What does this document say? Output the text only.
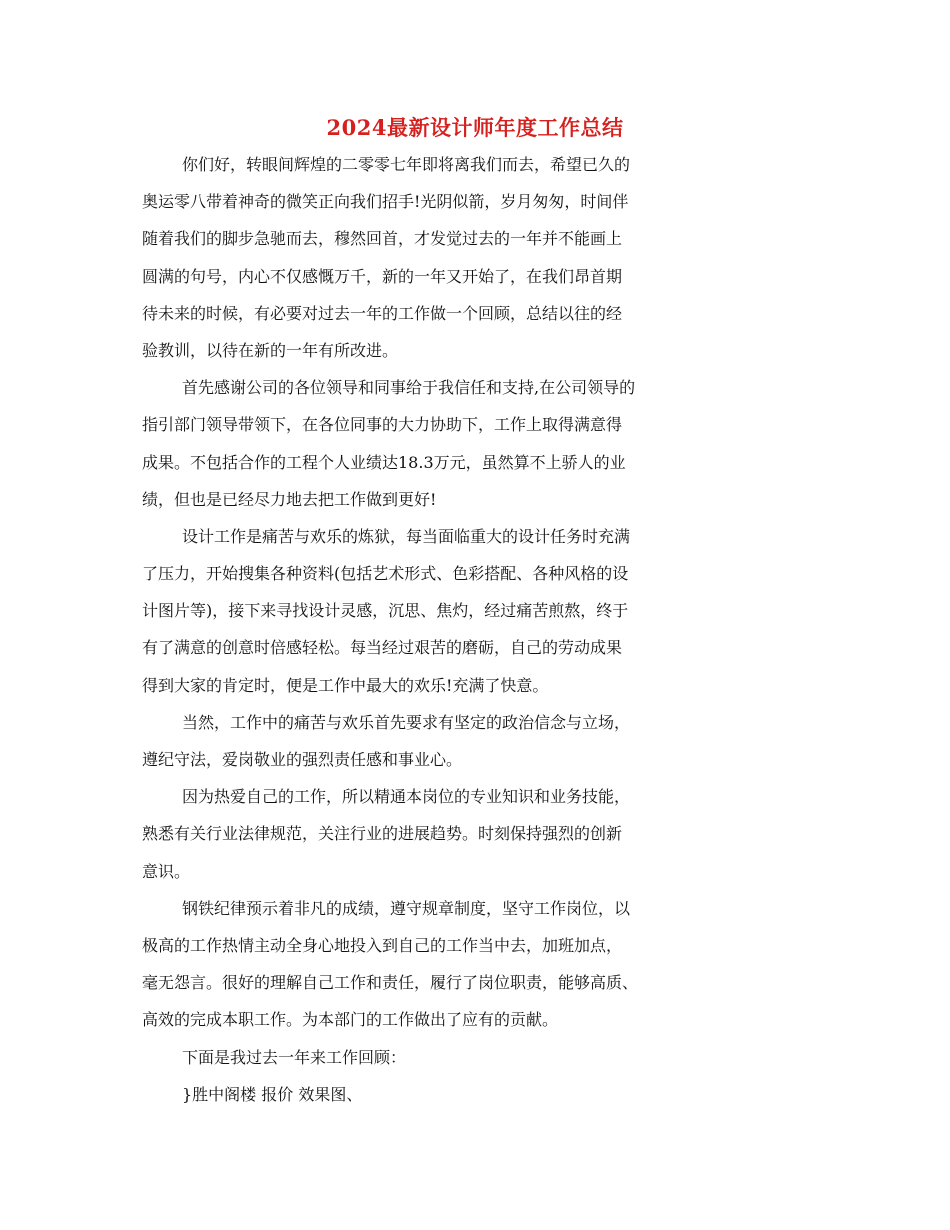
2024最新设计师年度工作总结
你们好，转眼间辉煌的二零零七年即将离我们而去，希望已久的
奥运零八带着神奇的微笑正向我们招手!光阴似箭，岁月匆匆，时间伴
随着我们的脚步急驰而去，穆然回首，才发觉过去的一年并不能画上
圆满的句号，内心不仅感慨万千，新的一年又开始了，在我们昂首期
待未来的时候，有必要对过去一年的工作做一个回顾，总结以往的经
验教训，以待在新的一年有所改进。
首先感谢公司的各位领导和同事给于我信任和支持,在公司领导的
指引部门领导带领下，在各位同事的大力协助下，工作上取得满意得
成果。不包括合作的工程个人业绩达18.3万元，虽然算不上骄人的业
绩，但也是已经尽力地去把工作做到更好!
设计工作是痛苦与欢乐的炼狱，每当面临重大的设计任务时充满
了压力，开始搜集各种资料(包括艺术形式、色彩搭配、各种风格的设
计图片等)，接下来寻找设计灵感，沉思、焦灼，经过痛苦煎熬，终于
有了满意的创意时倍感轻松。每当经过艰苦的磨砺，自己的劳动成果
得到大家的肯定时，便是工作中最大的欢乐!充满了快意。
当然，工作中的痛苦与欢乐首先要求有坚定的政治信念与立场，
遵纪守法，爱岗敬业的强烈责任感和事业心。
因为热爱自己的工作，所以精通本岗位的专业知识和业务技能，
熟悉有关行业法律规范，关注行业的进展趋势。时刻保持强烈的创新
意识。
钢铁纪律预示着非凡的成绩，遵守规章制度，坚守工作岗位，以
极高的工作热情主动全身心地投入到自己的工作当中去，加班加点，
毫无怨言。很好的理解自己工作和责任，履行了岗位职责，能够高质、
高效的完成本职工作。为本部门的工作做出了应有的贡献。
下面是我过去一年来工作回顾：
}胜中阁楼 报价 效果图、
